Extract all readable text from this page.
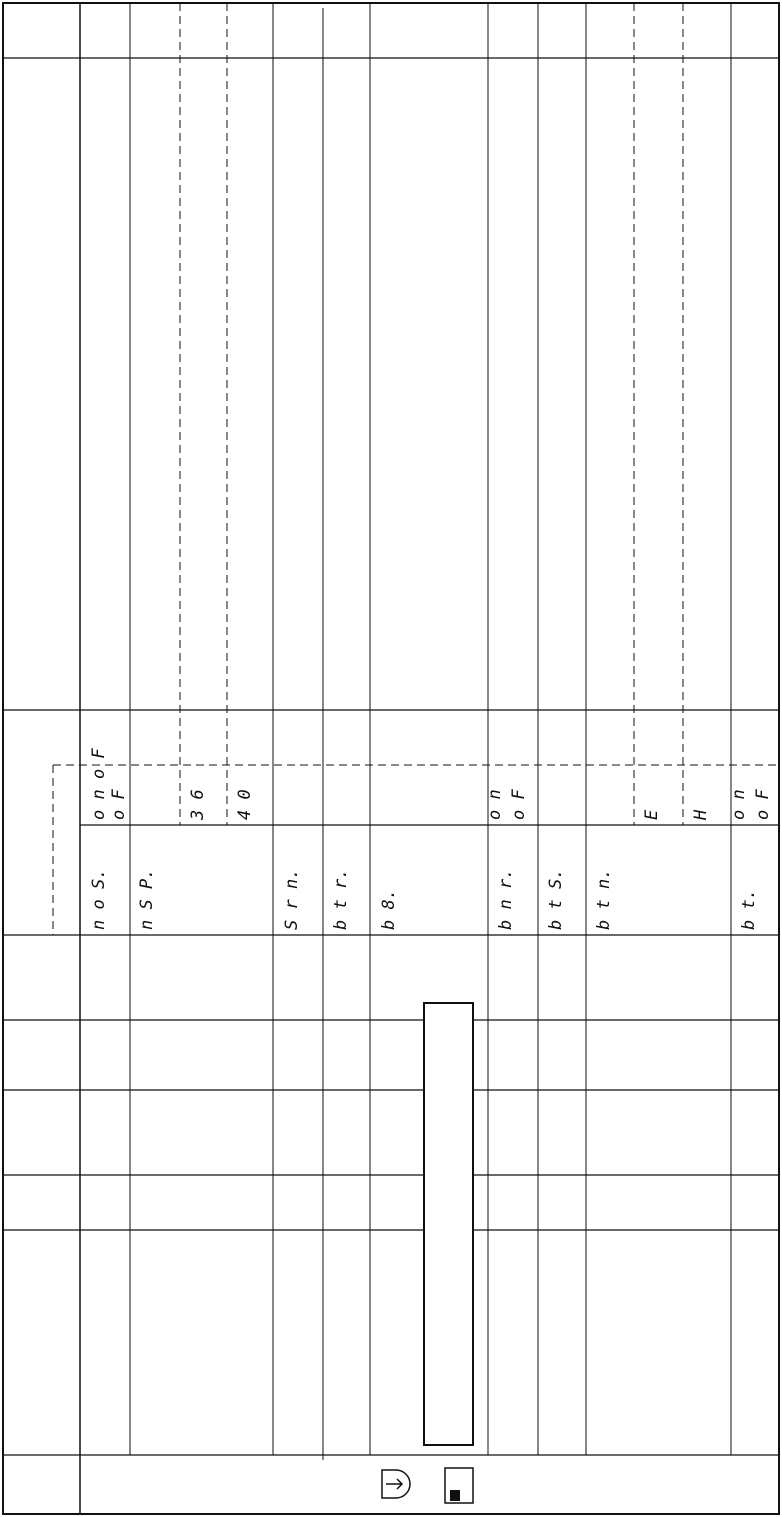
n o S.
o n o F o F
n S P.
3 6 4 0
S r n. b t r. b 8.	b n r.
o n o F
b t S. b t n.
E H
b t.
o n o F
